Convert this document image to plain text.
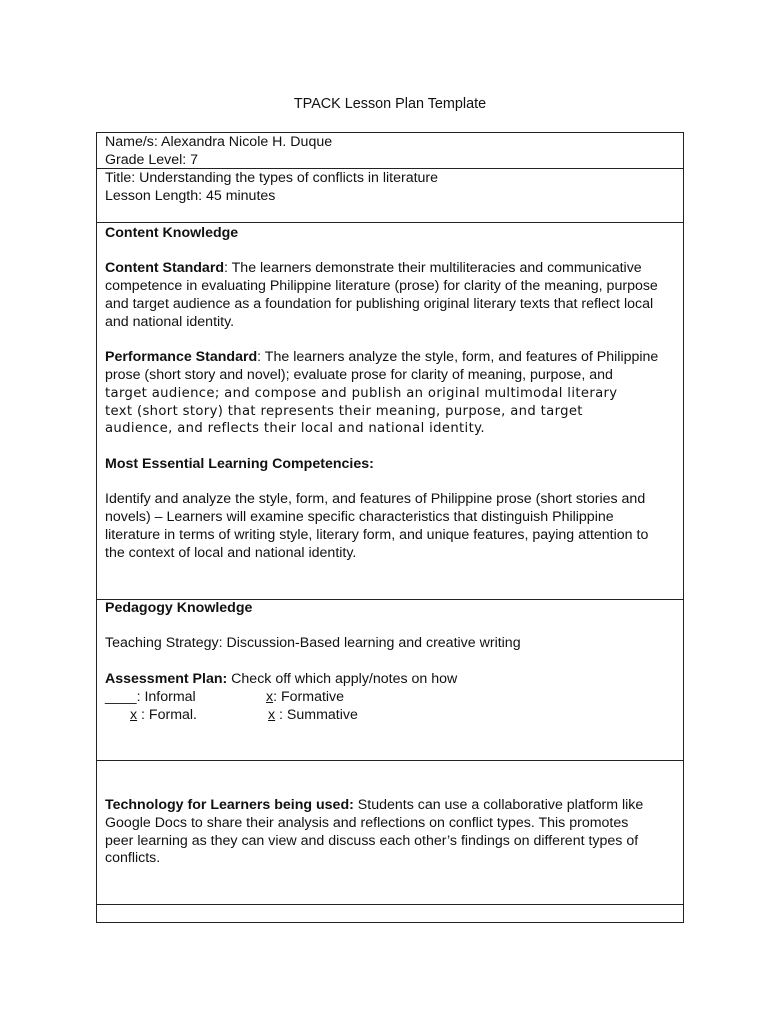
TPACK Lesson Plan Template
Name/s: Alexandra Nicole H. Duque
Grade Level: 7
Title: Understanding the types of conflicts in literature
Lesson Length: 45 minutes
Content Knowledge
Content Standard: The learners demonstrate their multiliteracies and communicative
competence in evaluating Philippine literature (prose) for clarity of the meaning, purpose
and target audience as a foundation for publishing original literary texts that reflect local
and national identity.
Performance Standard: The learners analyze the style, form, and features of Philippine
prose (short story and novel); evaluate prose for clarity of meaning, purpose, and
target audience; and compose and publish an original multimodal literary
text (short story) that represents their meaning, purpose, and target
audience, and reflects their local and national identity.
Most Essential Learning Competencies:
Identify and analyze the style, form, and features of Philippine prose (short stories and
novels) – Learners will examine specific characteristics that distinguish Philippine
literature in terms of writing style, literary form, and unique features, paying attention to
the context of local and national identity.
Pedagogy Knowledge
Teaching Strategy: Discussion-Based learning and creative writing
Assessment Plan: Check off which apply/notes on how
____: Informal	x: Formative
x : Formal.	x : Summative
Technology for Learners being used: Students can use a collaborative platform like
Google Docs to share their analysis and reflections on conflict types. This promotes
peer learning as they can view and discuss each other’s findings on different types of
conflicts.
